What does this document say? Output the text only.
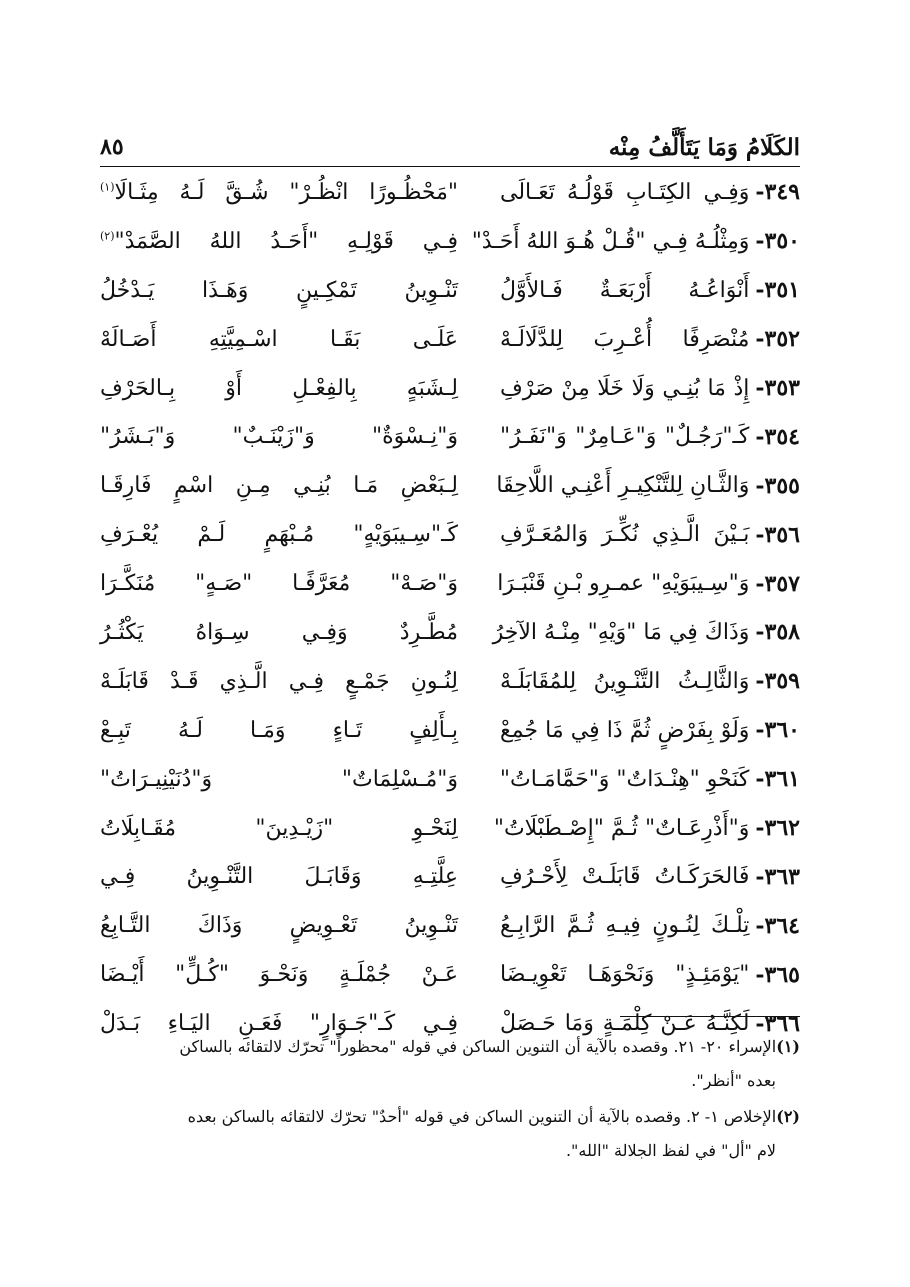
الكَلَامُ وَمَا يَتَأَلَّفُ مِنْه
٨٥
٣٤٩-
وَفِـي الكِتَـابِ قَوْلُـهُ تَعَـالَى
"مَحْظُـورًا انْظُـرْ" شُـقَّ لَـهُ مِثَـالَا$^{(١)}$
٣٥٠-
وَمِثْلُـهُ فِـي "قُـلْ هُـوَ اللهُ أَحَـدْ"
فِـي قَوْلِـهِ "أَحَـدُ اللهُ الصَّمَدْ"$^{(٢)}$
٣٥١-
أَنْوَاعُـهُ أَرْبَعَـةٌ فَـالأَوَّلُ
تَنْـوِينُ تَمْكِـينٍ وَهَـذَا يَـدْخُلُ
٣٥٢-
مُنْصَرِفًا أُعْـرِبَ لِلدَّلَالَـهْ
عَلَـى بَقَـا اسْـمِيَّتِهِ أَصَـالَهْ
٣٥٣-
إِذْ مَا بُنِـي وَلَا خَلَا مِنْ صَرْفِ
لِـشَبَهٍ بِالفِعْـلِ أَوْ بِـالحَرْفِ
٣٥٤-
كَـ"رَجُـلٌ" وَ"عَـامِرٌ" وَ"نَفَـرُ"
وَ"نِـسْوَةٌ" وَ"زَيْنَـبٌ" وَ"بَـشَرُ"
٣٥٥-
وَالثَّـانِ لِلتَّنْكِيـرِ أَعْنِـي اللَّاحِقَا
لِـبَعْضِ مَـا بُنِـي مِـنِ اسْمٍ فَارِقَـا
٣٥٦-
بَـيْنَ الَّـذِي نُكِّـرَ وَالمُعَـرَّفِ
كَـ"سِـيبَوَيْهٍ" مُـبْهَمٍ لَـمْ يُعْـرَفِ
٣٥٧-
وَ"سِـيبَوَيْهِ" عمـرِو بْـنِ قَنْبَـرَا
وَ"صَـهْ" مُعَرَّفًـا "صَـهٍ" مُنَكَّـرَا
٣٥٨-
وَذَاكَ فِي مَا "وَيْهِ" مِنْـهُ الآخِرُ
مُطَّـرِدٌ وَفِـي سِـوَاهُ يَكْثُـرُ
٣٥٩-
وَالثَّالِـثُ التَّنْـوِينُ لِلمُقَابَلَـهْ
لِنُـونِ جَمْـعٍ فِـي الَّـذِي قَـدْ قَابَلَـهْ
٣٦٠-
وَلَوْ بِفَرْضٍ ثُمَّ ذَا فِي مَا جُمِعْ
بِـأَلِفٍ تَـاءٍ وَمَـا لَـهُ تَبِـعْ
٣٦١-
كَنَحْوِ "هِنْـدَاتٌ" وَ"حَمَّامَـاتُ"
وَ"مُـسْلِمَاتٌ" وَ"دُنَيْنِيـرَاتُ"
٣٦٢-
وَ"أَذْرِعَـاتٌ" ثُـمَّ "إِصْـطَبْلَاتُ"
لِنَحْـوِ "زَيْـدِينَ" مُقَـابِلَاتُ
٣٦٣-
فَالحَرَكَـاتُ قَابَلَـتْ لِأَحْـرُفِ
عِلَّتِـهِ وَقَابَـلَ التَّنْـوِينُ فِـي
٣٦٤-
تِلْـكَ لِنُـونٍ فِيـهِ ثُـمَّ الرَّابِـعُ
تَنْـوِينُ تَعْـوِيضٍ وَذَاكَ التَّـابِعُ
٣٦٥-
"يَوْمَئِـذٍ" وَنَحْوَهَـا تَعْوِيـضَا
عَـنْ جُمْلَـةٍ وَنَحْـوَ "كُـلٍّ" أَيْـضَا
٣٦٦-
لَكِنَّـهُ عَـنْ كِلْمَـةٍ وَمَا حَـصَلْ
فِـي كَـ"جَـوَارٍ" فَعَـنِ اليَـاءِ بَـدَلْ
(١)الإسراء ٢٠- ٢١. وقصده بالآية أن التنوين الساكن في قوله "محظوراً" تحرّك لالتقائه بالساكن
بعده "أنظر".
(٢)الإخلاص ١- ٢. وقصده بالآية أن التنوين الساكن في قوله "أحدٌ" تحرّك لالتقائه بالساكن بعده
لام "أل" في لفظ الجلالة "الله".
